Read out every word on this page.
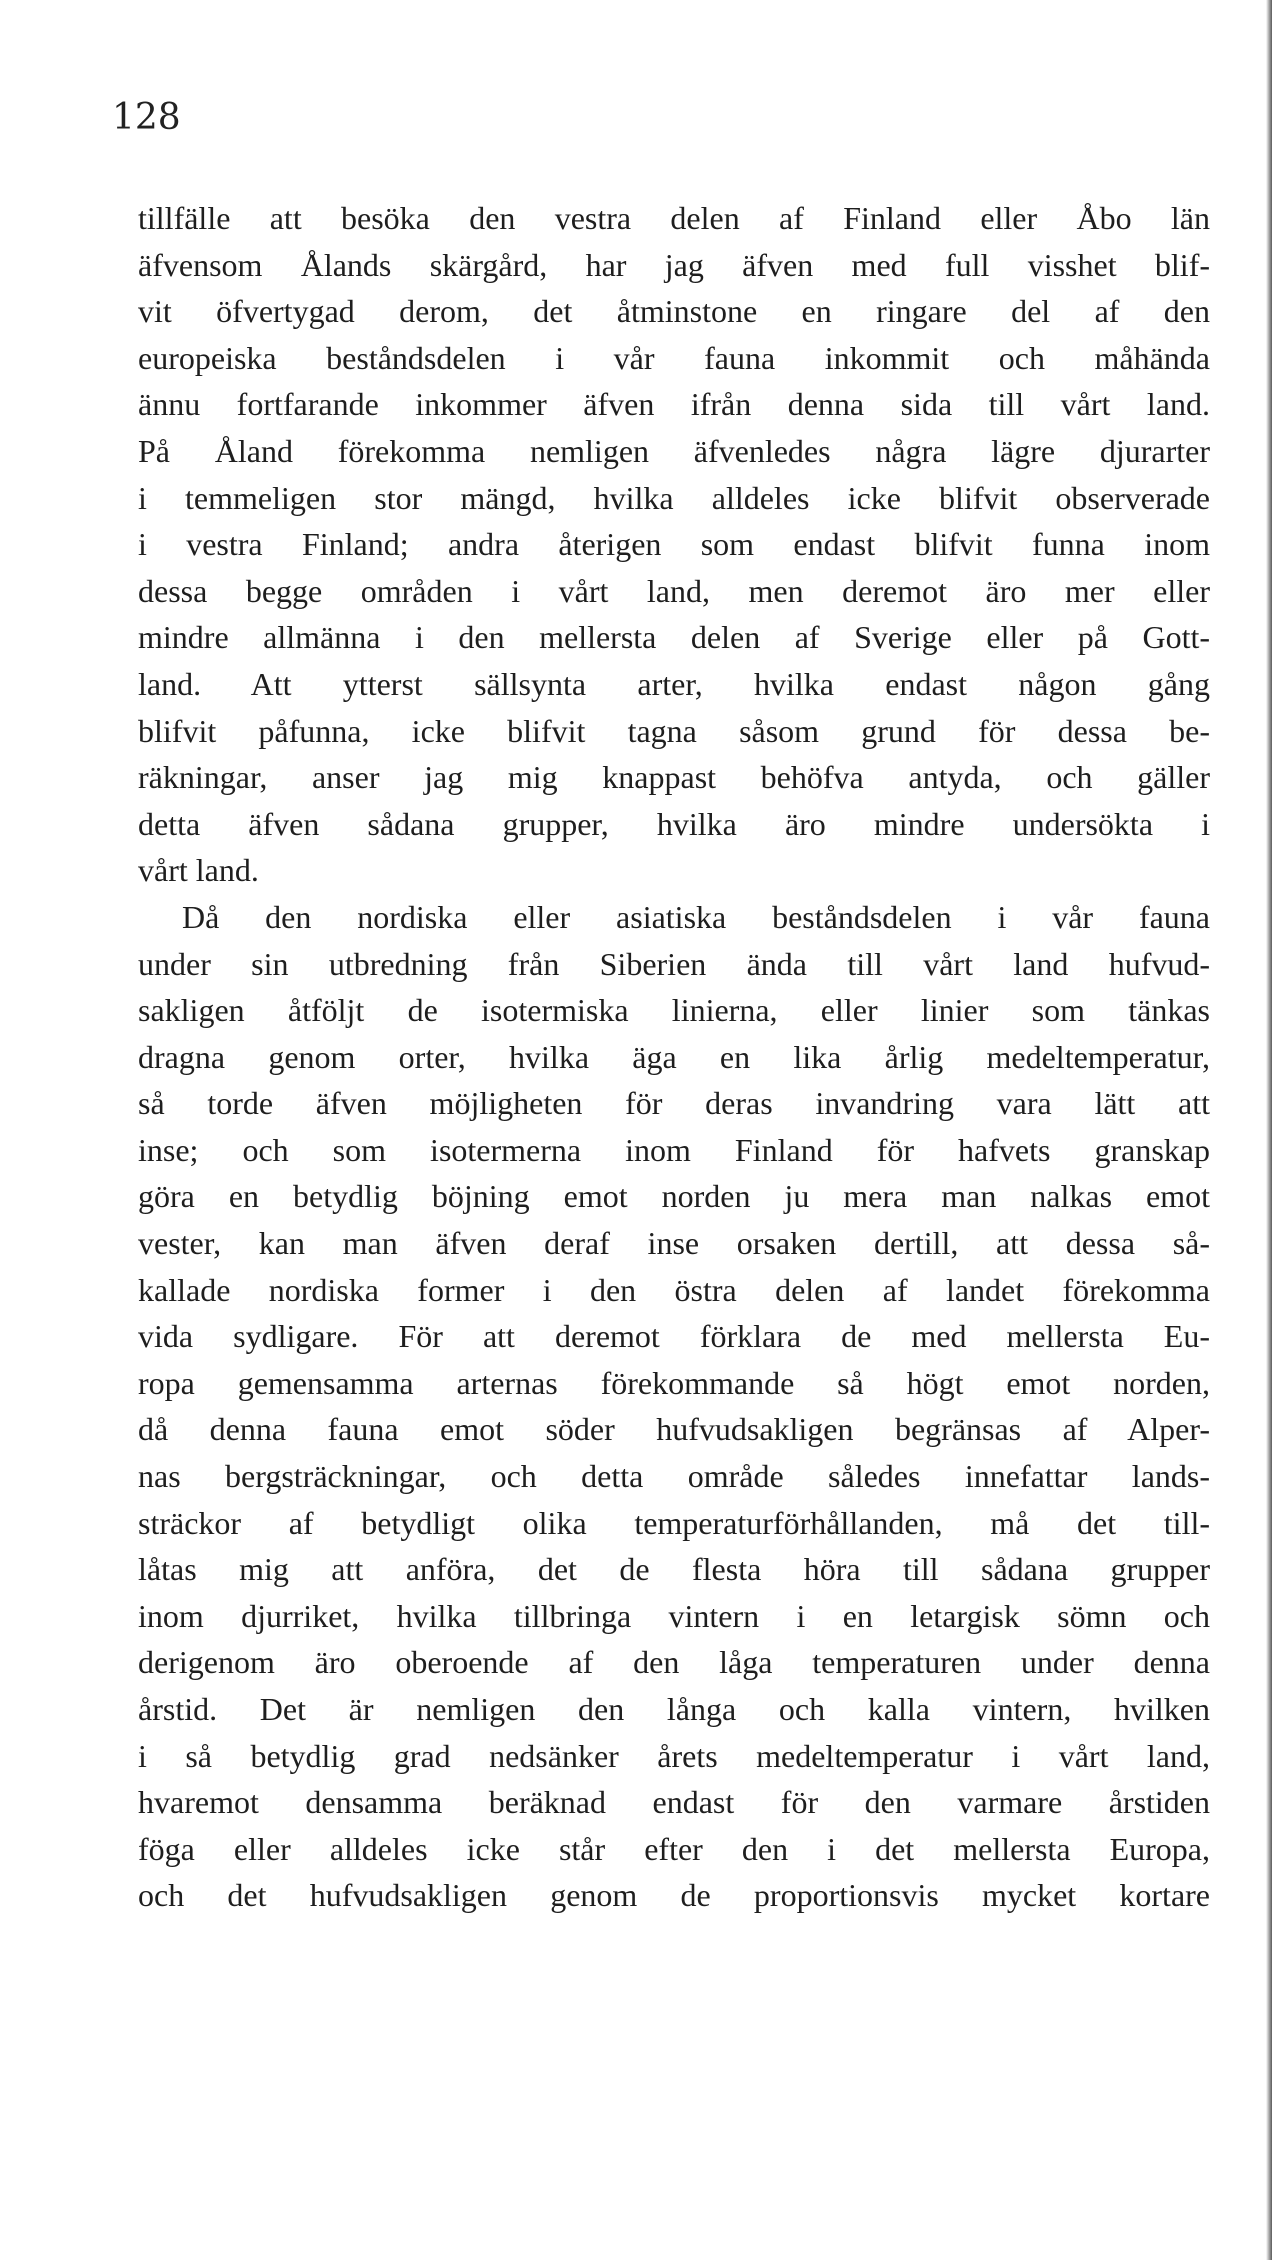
128
tillfälle att besöka den vestra delen af Finland eller Åbo län
äfvensom Ålands skärgård, har jag äfven med full visshet blif-
vit öfvertygad derom, det åtminstone en ringare del af den
europeiska beståndsdelen i vår fauna inkommit och måhända
ännu fortfarande inkommer äfven ifrån denna sida till vårt land.
På Åland förekomma nemligen äfvenledes några lägre djurarter
i temmeligen stor mängd, hvilka alldeles icke blifvit observerade
i vestra Finland; andra återigen som endast blifvit funna inom
dessa begge områden i vårt land, men deremot äro mer eller
mindre allmänna i den mellersta delen af Sverige eller på Gott-
land. Att ytterst sällsynta arter, hvilka endast någon gång
blifvit påfunna, icke blifvit tagna såsom grund för dessa be-
räkningar, anser jag mig knappast behöfva antyda, och gäller
detta äfven sådana grupper, hvilka äro mindre undersökta i
vårt land.
Då den nordiska eller asiatiska beståndsdelen i vår fauna
under sin utbredning från Siberien ända till vårt land hufvud-
sakligen åtföljt de isotermiska linierna, eller linier som tänkas
dragna genom orter, hvilka äga en lika årlig medeltemperatur,
så torde äfven möjligheten för deras invandring vara lätt att
inse; och som isotermerna inom Finland för hafvets granskap
göra en betydlig böjning emot norden ju mera man nalkas emot
vester, kan man äfven deraf inse orsaken dertill, att dessa så-
kallade nordiska former i den östra delen af landet förekomma
vida sydligare. För att deremot förklara de med mellersta Eu-
ropa gemensamma arternas förekommande så högt emot norden,
då denna fauna emot söder hufvudsakligen begränsas af Alper-
nas bergsträckningar, och detta område således innefattar lands-
sträckor af betydligt olika temperaturförhållanden, må det till-
låtas mig att anföra, det de flesta höra till sådana grupper
inom djurriket, hvilka tillbringa vintern i en letargisk sömn och
derigenom äro oberoende af den låga temperaturen under denna
årstid. Det är nemligen den långa och kalla vintern, hvilken
i så betydlig grad nedsänker årets medeltemperatur i vårt land,
hvaremot densamma beräknad endast för den varmare årstiden
föga eller alldeles icke står efter den i det mellersta Europa,
och det hufvudsakligen genom de proportionsvis mycket kortare
